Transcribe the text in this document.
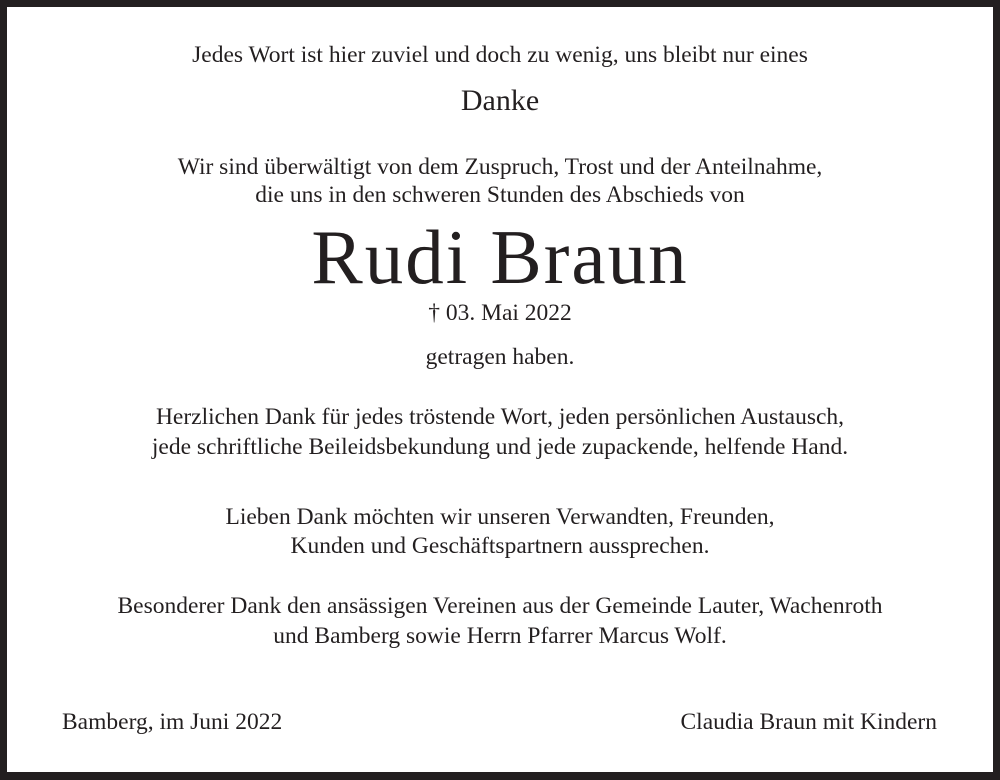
Jedes Wort ist hier zuviel und doch zu wenig, uns bleibt nur eines
Danke
Wir sind überwältigt von dem Zuspruch, Trost und der Anteilnahme,
die uns in den schweren Stunden des Abschieds von
Rudi Braun
† 03. Mai 2022
getragen haben.
Herzlichen Dank für jedes tröstende Wort, jeden persönlichen Austausch,
jede schriftliche Beileidsbekundung und jede zupackende, helfende Hand.
Lieben Dank möchten wir unseren Verwandten, Freunden,
Kunden und Geschäftspartnern aussprechen.
Besonderer Dank den ansässigen Vereinen aus der Gemeinde Lauter, Wachenroth
und Bamberg sowie Herrn Pfarrer Marcus Wolf.
Bamberg, im Juni 2022	Claudia Braun mit Kindern
